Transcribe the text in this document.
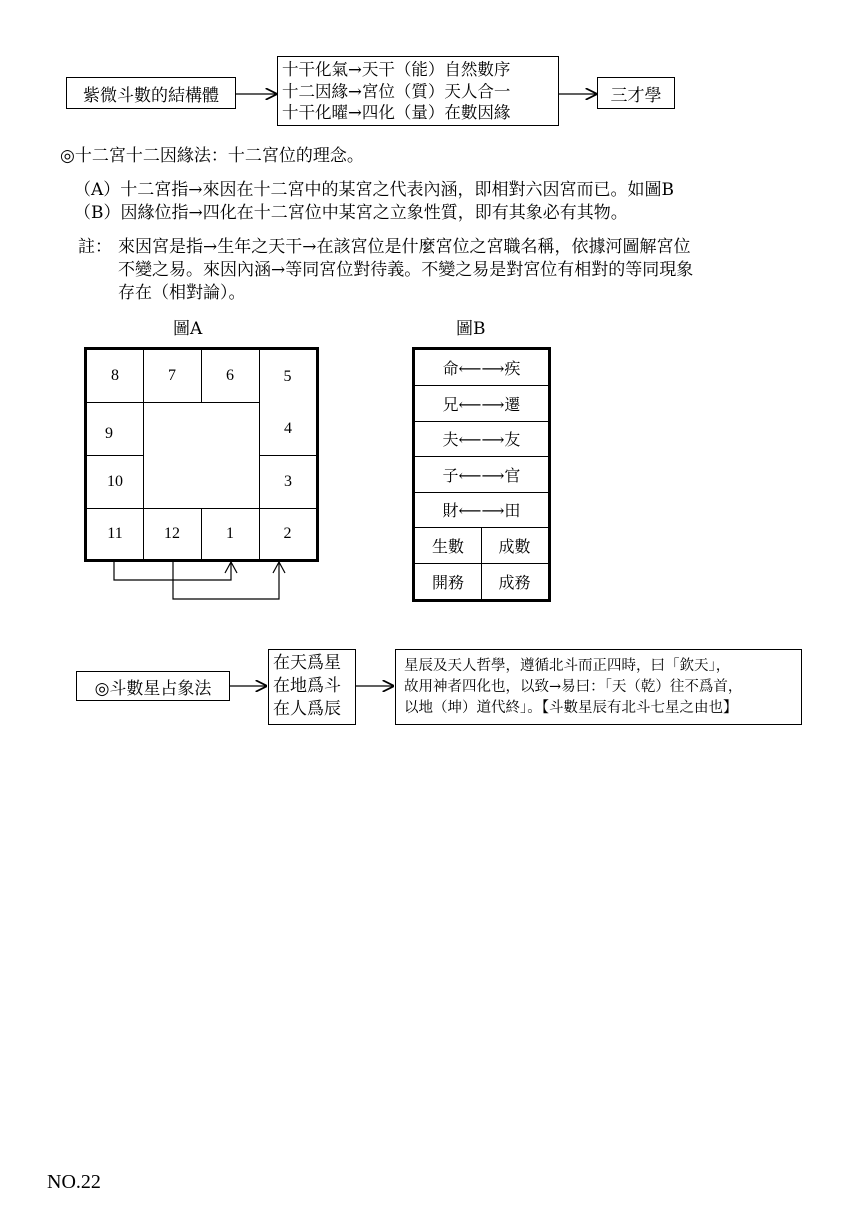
紫微斗數的結構體
十干化氣→天干（能）自然數序
十二因緣→宮位（質）天人合一
十干化曜→四化（量）在數因緣
三才學
◎十二宮十二因緣法：十二宮位的理念。
（A）十二宮指→來因在十二宮中的某宮之代表內涵，即相對六因宮而已。如圖B
（B）因緣位指→四化在十二宮位中某宮之立象性質，即有其象必有其物。
註： 來因宮是指→生年之天干→在該宮位是什麼宮位之宮職名稱，依據河圖解宮位
不變之易。來因內涵→等同宮位對待義。不變之易是對宮位有相對的等同現象
存在（相對論）。
圖A
8	7	6	5
9	4
10	3
11	12	1	2
圖B
命⟵⟶疾
兄⟵⟶遷
夫⟵⟶友
子⟵⟶官
財⟵⟶田
生數	成數
開務	成務
◎斗數星占象法
在天爲星
在地爲斗
在人爲辰
星辰及天人哲學，遵循北斗而正四時，曰「欽天」，
故用神者四化也，以致→易曰：「天（乾）往不爲首，
以地（坤）道代終」。【斗數星辰有北斗七星之由也】
NO.22
